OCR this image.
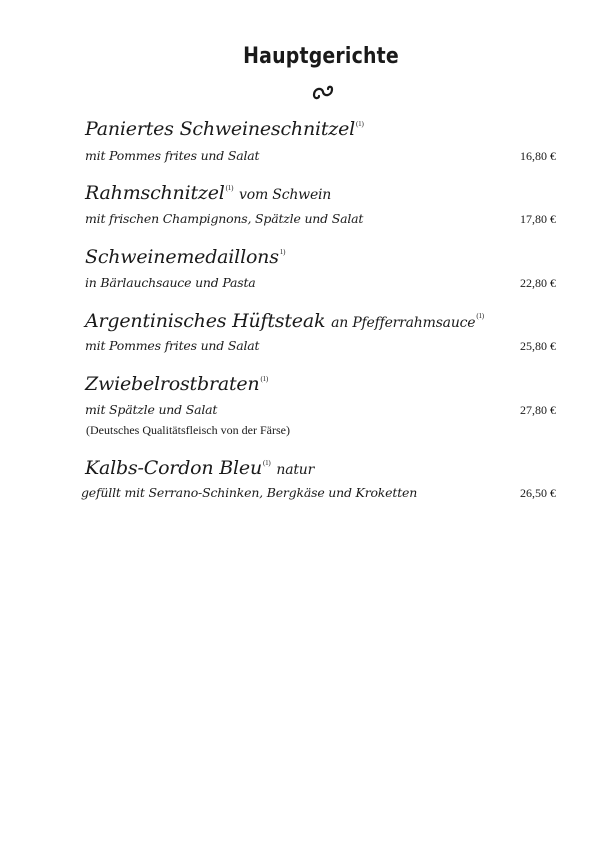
Hauptgerichte
Paniertes Schweineschnitzel$^{(1)}$
mit Pommes frites und Salat	16,80 €
Rahmschnitzel$^{(1)}$ vom Schwein
mit frischen Champignons, Spätzle und Salat	17,80 €
Schweinemedaillons$^{1)}$
in Bärlauchsauce und Pasta	22,80 €
Argentinisches Hüftsteak an Pfefferrahmsauce$^{(1)}$
mit Pommes frites und Salat	25,80 €
Zwiebelrostbraten$^{(1)}$
mit Spätzle und Salat	27,80 €
(Deutsches Qualitätsfleisch von der Färse)
Kalbs-Cordon Bleu$^{(1)}$ natur
gefüllt mit Serrano-Schinken, Bergkäse und Kroketten	26,50 €
